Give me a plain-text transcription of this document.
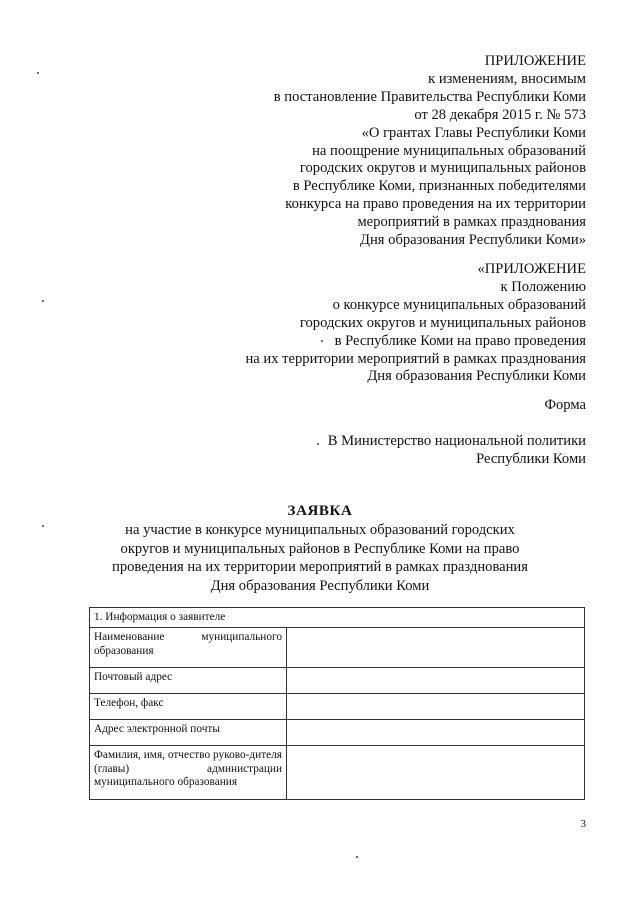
ПРИЛОЖЕНИЕ
к изменениям, вносимым
в постановление Правительства Республики Коми
от 28 декабря 2015 г. № 573
«О грантах Главы Республики Коми
на поощрение муниципальных образований
городских округов и муниципальных районов
в Республике Коми, признанных победителями
конкурса на право проведения на их территории
мероприятий в рамках празднования
Дня образования Республики Коми»
«ПРИЛОЖЕНИЕ
к Положению
о конкурсе муниципальных образований
городских округов и муниципальных районов
в Республике Коми на право проведения
на их территории мероприятий в рамках празднования
Дня образования Республики Коми
Форма
В Министерство национальной политики
Республики Коми
ЗАЯВКА
на участие в конкурсе муниципальных образований городских
округов и муниципальных районов в Республике Коми на право
проведения на их территории мероприятий в рамках празднования
Дня образования Республики Коми
1. Информация о заявителе	
Наименование муниципального образования	
Почтовый адрес	
Телефон, факс	
Адрес электронной почты	
Фамилия, имя, отчество руково-дителя (главы) администрации муниципального образования	
3
